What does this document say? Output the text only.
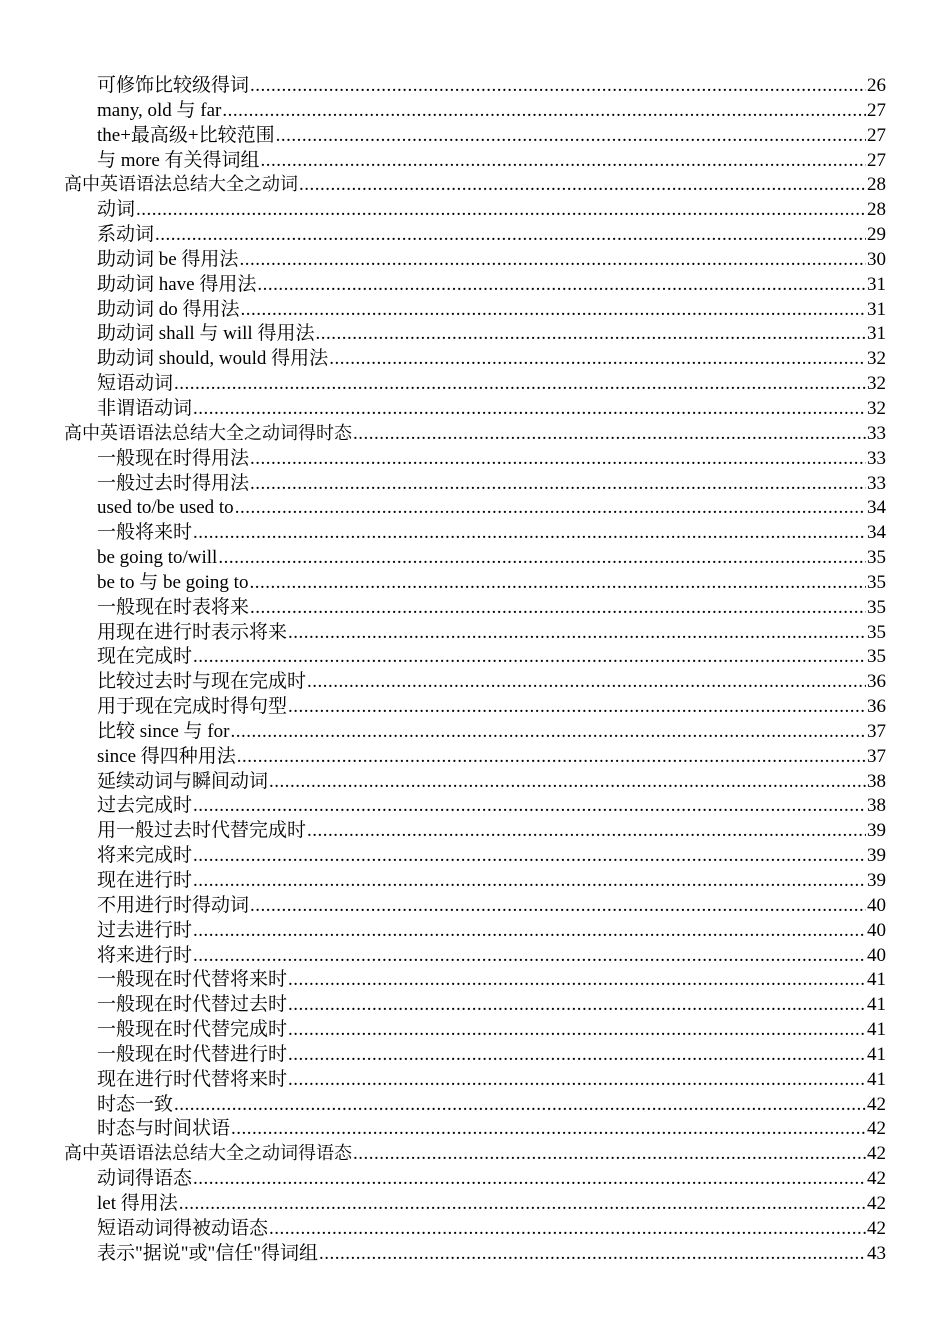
可修饰比较级得词 .....	26
many, old 与 far .....	27
the+最高级+比较范围 .....	27
与 more 有关得词组 .....	27
高中英语语法总结大全之动词 .....	28
动词 .....	28
系动词 .....	29
助动词 be 得用法 .....	30
助动词 have 得用法 .....	31
助动词 do 得用法 .....	31
助动词 shall 与 will 得用法 .....	31
助动词 should, would 得用法 .....	32
短语动词 .....	32
非谓语动词 .....	32
高中英语语法总结大全之动词得时态 .....	33
一般现在时得用法 .....	33
一般过去时得用法 .....	33
used to/be used to .....	34
一般将来时 .....	34
be going to/will .....	35
be to 与 be going to .....	35
一般现在时表将来 .....	35
用现在进行时表示将来 .....	35
现在完成时 .....	35
比较过去时与现在完成时 .....	36
用于现在完成时得句型 .....	36
比较 since 与 for .....	37
since 得四种用法 .....	37
延续动词与瞬间动词 .....	38
过去完成时 .....	38
用一般过去时代替完成时 .....	39
将来完成时 .....	39
现在进行时 .....	39
不用进行时得动词 .....	40
过去进行时 .....	40
将来进行时 .....	40
一般现在时代替将来时 .....	41
一般现在时代替过去时 .....	41
一般现在时代替完成时 .....	41
一般现在时代替进行时 .....	41
现在进行时代替将来时 .....	41
时态一致 .....	42
时态与时间状语 .....	42
高中英语语法总结大全之动词得语态 .....	42
动词得语态 .....	42
let 得用法 .....	42
短语动词得被动语态 .....	42
表示"据说"或"信任"得词组 .....	43
